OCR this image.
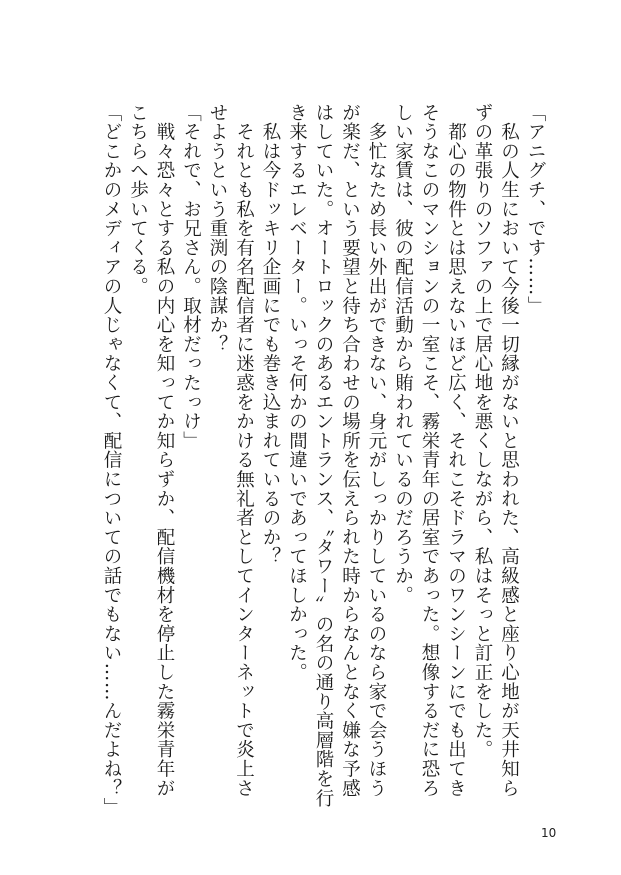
「アニグチ、です……」

　私の人生において今後一切縁がないと思われた、高級感と座り心地が天井知らずの革張りのソファの上で居心地を悪くしながら、私はそっと訂正をした。

　都心の物件とは思えないほど広く、それこそドラマのワンシーンにでも出てきそうなこのマンションの一室こそ、霧栄青年の居室であった。想像するだに恐ろしい家賃は、彼の配信活動から賄われているのだろうか。

　多忙なため長い外出ができない、身元がしっかりしているのなら家で会うほうが楽だ、という要望と待ち合わせの場所を伝えられた時からなんとなく嫌な予感はしていた。オートロックのあるエントランス、〝タワー〟の名の通り高層階を行き来するエレベーター。いっそ何かの間違いであってほしかった。

　私は今ドッキリ企画にでも巻き込まれているのか？

　それとも私を有名配信者に迷惑をかける無礼者としてインターネットで炎上させようという重渕の陰謀か？

「それで、お兄さん。取材だったっけ」

　戦々恐々とする私の内心を知ってか知らずか、配信機材を停止した霧栄青年がこちらへ歩いてくる。

「どこかのメディアの人じゃなくて、配信についての話でもない……んだよね？」

10
